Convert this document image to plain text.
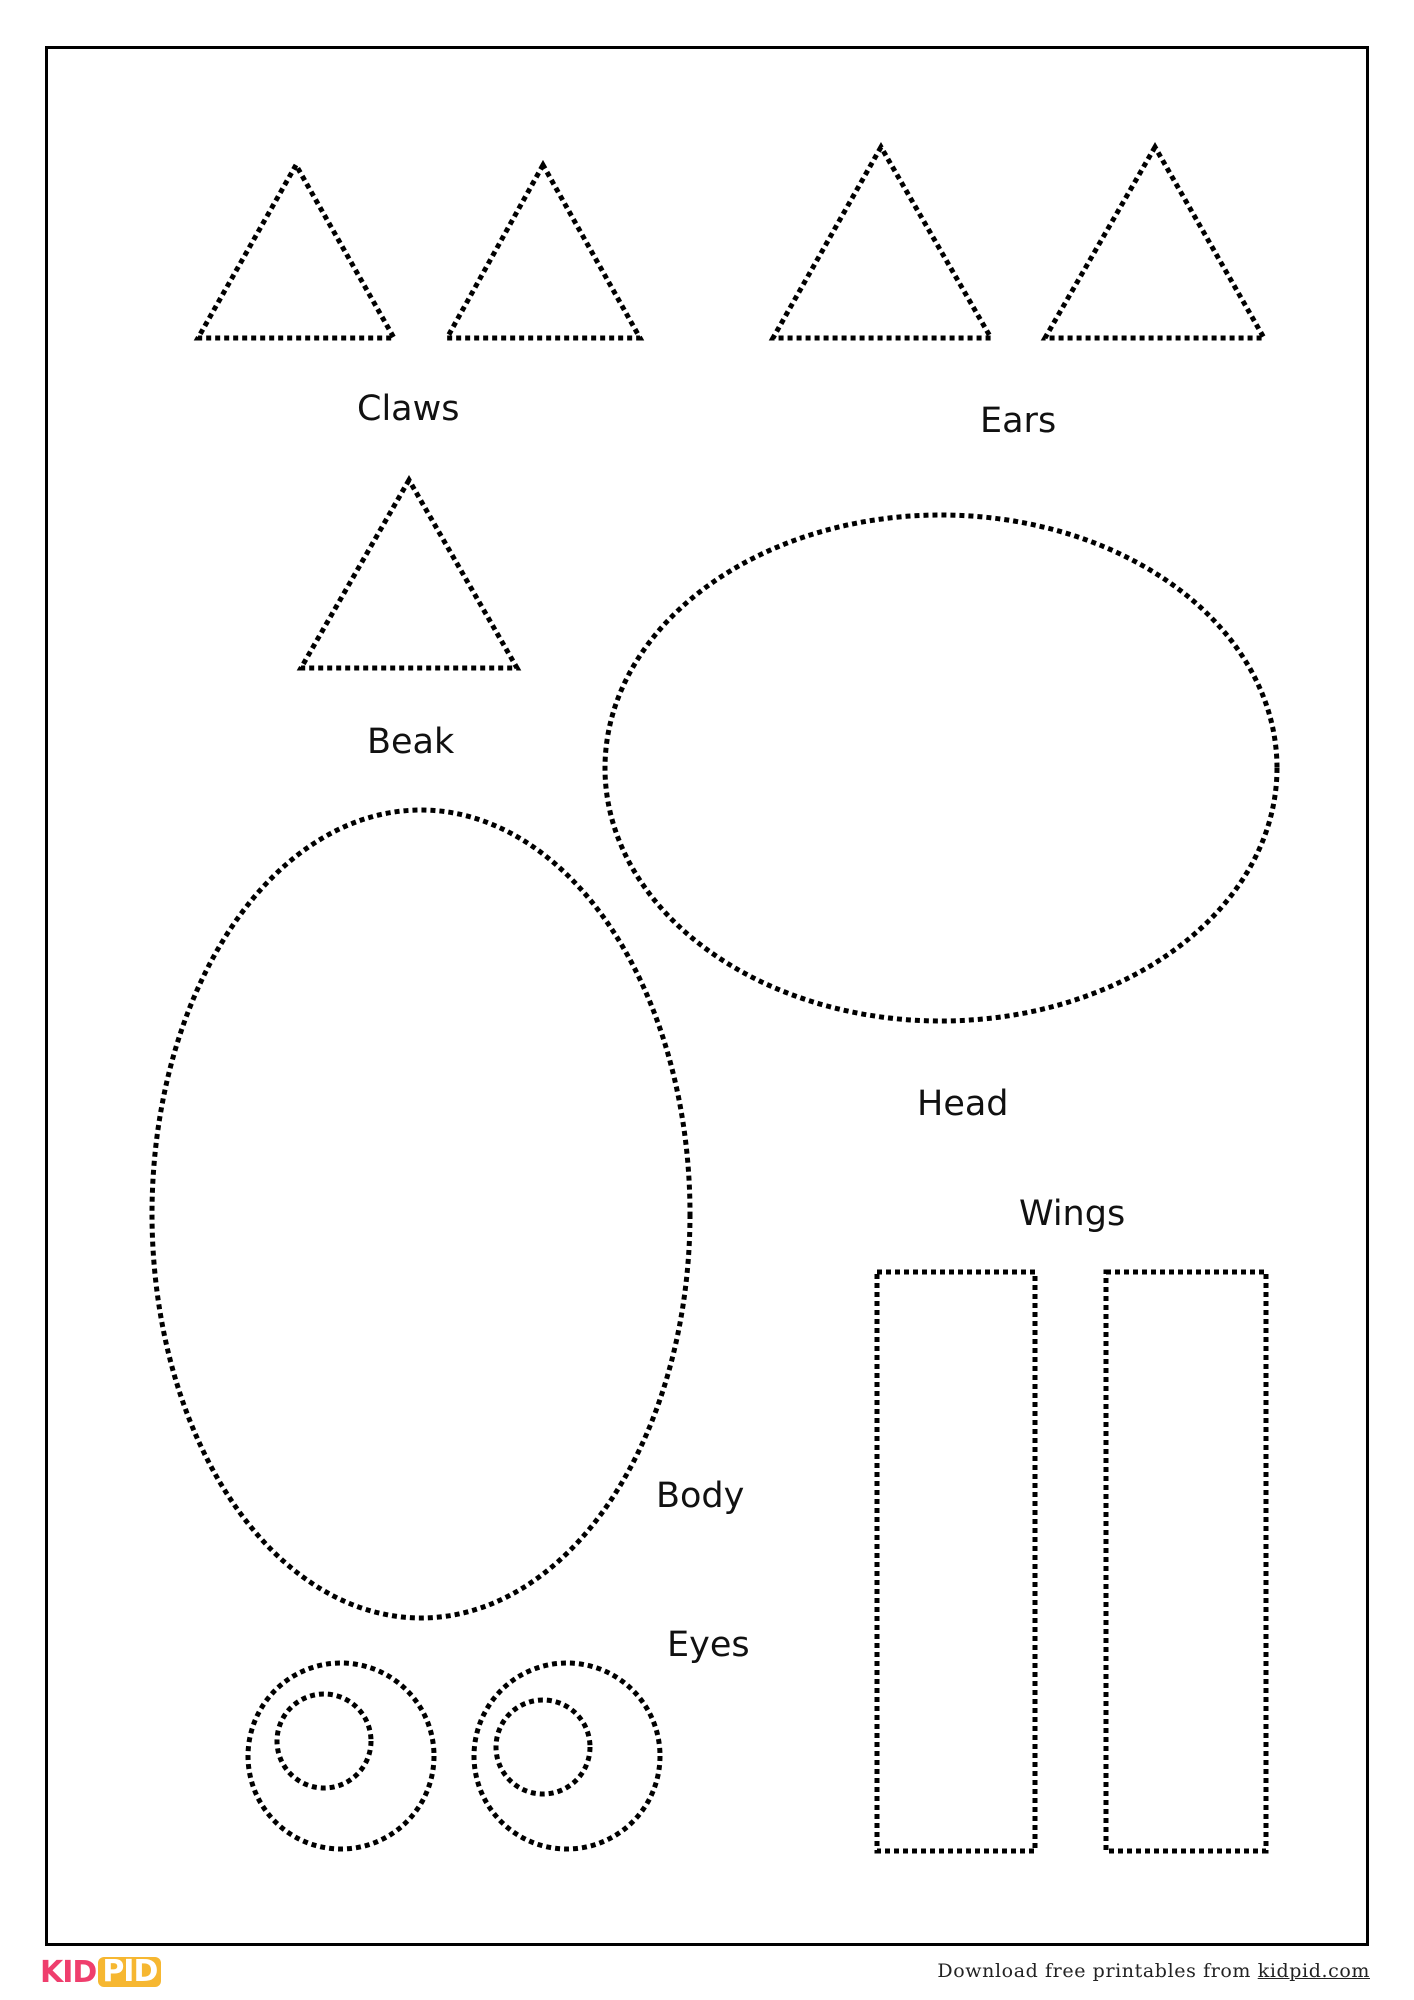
Claws	Ears
Beak
Head
Wings
Body
Eyes
KID PID	Download free printables from kidpid.com
